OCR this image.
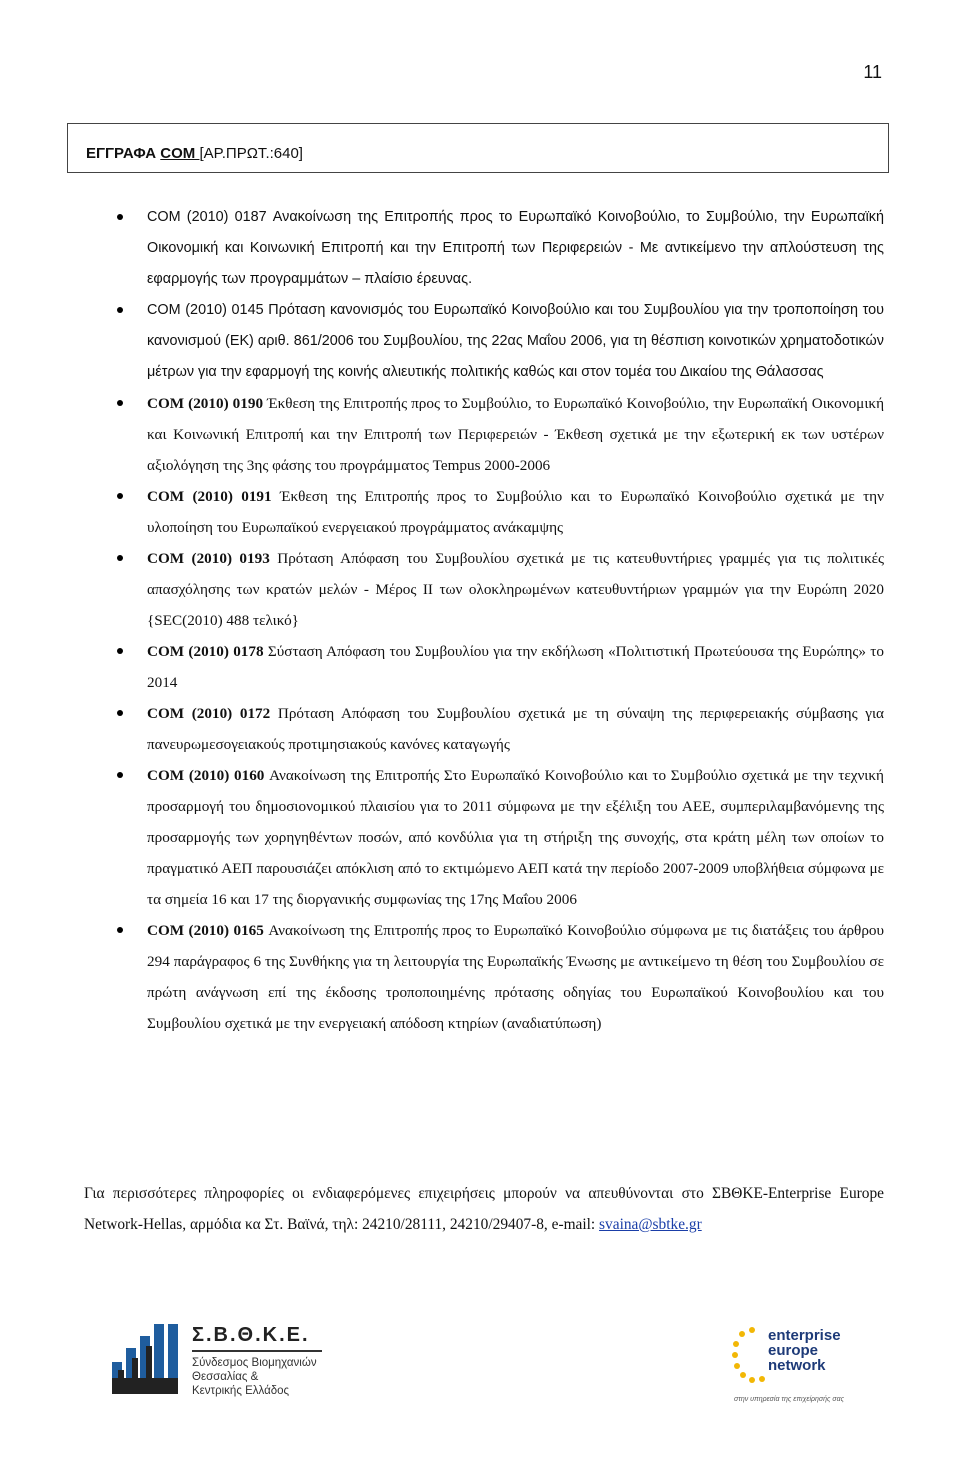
11
ΕΓΓΡΑΦΑ COM [ΑΡ.ΠΡΩΤ.:640]
COM (2010) 0187 Ανακοίνωση της Επιτροπής προς το Ευρωπαϊκό Κοινοβούλιο, το Συμβούλιο, την Ευρωπαϊκή Οικονομική και Κοινωνική Επιτροπή και την Επιτροπή των Περιφερειών - Με αντικείμενο την απλούστευση της εφαρμογής των προγραμμάτων – πλαίσιο έρευνας.
COM (2010) 0145 Πρόταση κανονισμός του Ευρωπαϊκό Κοινοβούλιο και του Συμβουλίου για την τροποποίηση του κανονισμού (ΕΚ) αριθ. 861/2006 του Συμβουλίου, της 22ας Μαΐου 2006, για τη θέσπιση κοινοτικών χρηματοδοτικών μέτρων για την εφαρμογή της κοινής αλιευτικής πολιτικής καθώς και στον τομέα του Δικαίου της Θάλασσας
COM (2010) 0190 Έκθεση της Επιτροπής προς το Συμβούλιο, το Ευρωπαϊκό Κοινοβούλιο, την Ευρωπαϊκή Οικονομική και Κοινωνική Επιτροπή και την Επιτροπή των Περιφερειών - Έκθεση σχετικά με την εξωτερική εκ των υστέρων αξιολόγηση της 3ης φάσης του προγράμματος Tempus 2000-2006
COM (2010) 0191 Έκθεση της Επιτροπής προς το Συμβούλιο και το Ευρωπαϊκό Κοινοβούλιο σχετικά με την υλοποίηση του Ευρωπαϊκού ενεργειακού προγράμματος ανάκαμψης
COM (2010) 0193 Πρόταση Απόφαση του Συμβουλίου σχετικά με τις κατευθυντήριες γραμμές για τις πολιτικές απασχόλησης των κρατών μελών - Μέρος II των ολοκληρωμένων κατευθυντήριων γραμμών για την Ευρώπη 2020 {SEC(2010) 488 τελικό}
COM (2010) 0178 Σύσταση Απόφαση του Συμβουλίου για την εκδήλωση «Πολιτιστική Πρωτεύουσα της Ευρώπης» το 2014
COM (2010) 0172 Πρόταση Απόφαση του Συμβουλίου σχετικά με τη σύναψη της περιφερειακής σύμβασης για πανευρωμεσογειακούς προτιμησιακούς κανόνες καταγωγής
COM (2010) 0160 Ανακοίνωση της Επιτροπής Στο Ευρωπαϊκό Κοινοβούλιο και το Συμβούλιο σχετικά με την τεχνική προσαρμογή του δημοσιονομικού πλαισίου για το 2011 σύμφωνα με την εξέλιξη του ΑΕΕ, συμπεριλαμβανόμενης της προσαρμογής των χορηγηθέντων ποσών, από κονδύλια για τη στήριξη της συνοχής, στα κράτη μέλη των οποίων το πραγματικό ΑΕΠ παρουσιάζει απόκλιση από το εκτιμώμενο ΑΕΠ κατά την περίοδο 2007-2009 υποβλήθεια σύμφωνα με τα σημεία 16 και 17 της διοργανικής συμφωνίας της 17ης Μαΐου 2006
COM (2010) 0165 Ανακοίνωση της Επιτροπής προς το Ευρωπαϊκό Κοινοβούλιο σύμφωνα με τις διατάξεις του άρθρου 294 παράγραφος 6 της Συνθήκης για τη λειτουργία της Ευρωπαϊκής Ένωσης με αντικείμενο τη θέση του Συμβουλίου σε πρώτη ανάγνωση επί της έκδοσης τροποποιημένης πρότασης οδηγίας του Ευρωπαϊκού Κοινοβουλίου και του Συμβουλίου σχετικά με την ενεργειακή απόδοση κτηρίων (αναδιατύπωση)
Για περισσότερες πληροφορίες οι ενδιαφερόμενες επιχειρήσεις μπορούν να απευθύνονται στο ΣΒΘΚΕ-Enterprise Europe Network-Hellas, αρμόδια κα Στ. Βαϊνά, τηλ: 24210/28111, 24210/29407-8, e-mail: svaina@sbtke.gr
Σ.Β.Θ.Κ.Ε.
Σύνδεσμος Βιομηχανιών
Θεσσαλίας &
Κεντρικής Ελλάδος
enterprise
europe
network
στην υπηρεσία της επιχείρησής σας
